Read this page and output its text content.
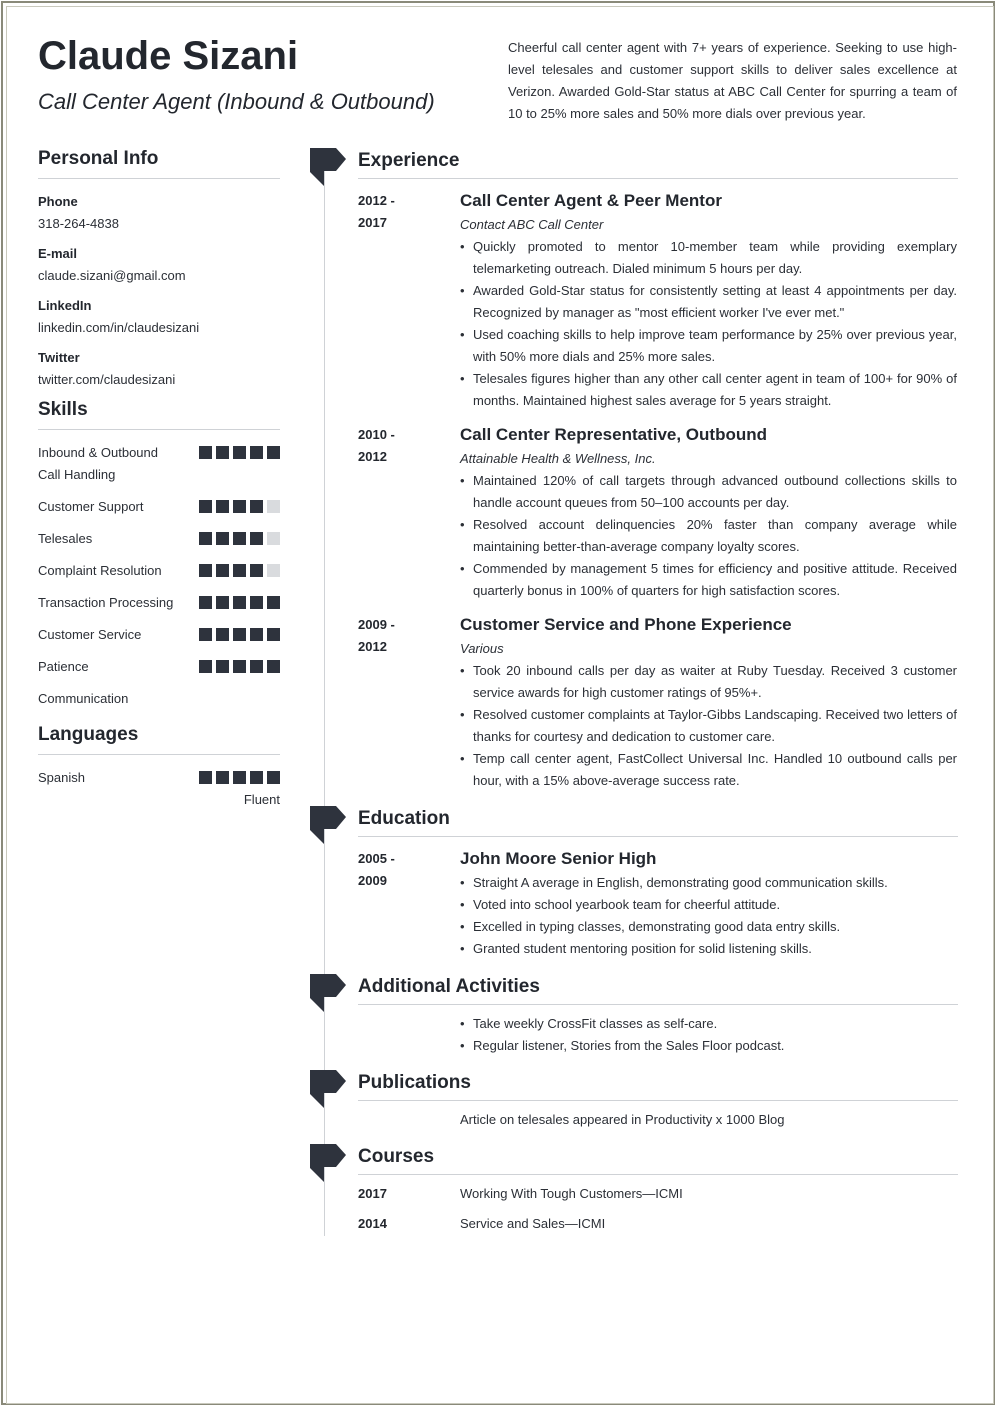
Claude Sizani
Call Center Agent (Inbound & Outbound)
Cheerful call center agent with 7+ years of experience. Seeking to use high-level telesales and customer support skills to deliver sales excellence at Verizon. Awarded Gold-Star status at ABC Call Center for spurring a team of 10 to 25% more sales and 50% more dials over previous year.
Personal Info
Phone
318-264-4838
E-mail
claude.sizani@gmail.com
LinkedIn
linkedin.com/in/claudesizani
Twitter
twitter.com/claudesizani
Skills
Inbound & Outbound Call Handling
Customer Support
Telesales
Complaint Resolution
Transaction Processing
Customer Service
Patience
Communication
Languages
Spanish
Fluent
Experience
2012 - 2017
Call Center Agent & Peer Mentor
Contact ABC Call Center
• Quickly promoted to mentor 10-member team while providing exemplary telemarketing outreach. Dialed minimum 5 hours per day.
• Awarded Gold-Star status for consistently setting at least 4 appointments per day. Recognized by manager as "most efficient worker I've ever met."
• Used coaching skills to help improve team performance by 25% over previous year, with 50% more dials and 25% more sales.
• Telesales figures higher than any other call center agent in team of 100+ for 90% of months. Maintained highest sales average for 5 years straight.
2010 - 2012
Call Center Representative, Outbound
Attainable Health & Wellness, Inc.
• Maintained 120% of call targets through advanced outbound collections skills to handle account queues from 50–100 accounts per day.
• Resolved account delinquencies 20% faster than company average while maintaining better-than-average company loyalty scores.
• Commended by management 5 times for efficiency and positive attitude. Received quarterly bonus in 100% of quarters for high satisfaction scores.
2009 - 2012
Customer Service and Phone Experience
Various
• Took 20 inbound calls per day as waiter at Ruby Tuesday. Received 3 customer service awards for high customer ratings of 95%+.
• Resolved customer complaints at Taylor-Gibbs Landscaping. Received two letters of thanks for courtesy and dedication to customer care.
• Temp call center agent, FastCollect Universal Inc. Handled 10 outbound calls per hour, with a 15% above-average success rate.
Education
2005 - 2009
John Moore Senior High
• Straight A average in English, demonstrating good communication skills.
• Voted into school yearbook team for cheerful attitude.
• Excelled in typing classes, demonstrating good data entry skills.
• Granted student mentoring position for solid listening skills.
Additional Activities
• Take weekly CrossFit classes as self-care.
• Regular listener, Stories from the Sales Floor podcast.
Publications
Article on telesales appeared in Productivity x 1000 Blog
Courses
2017	Working With Tough Customers—ICMI
2014	Service and Sales—ICMI
